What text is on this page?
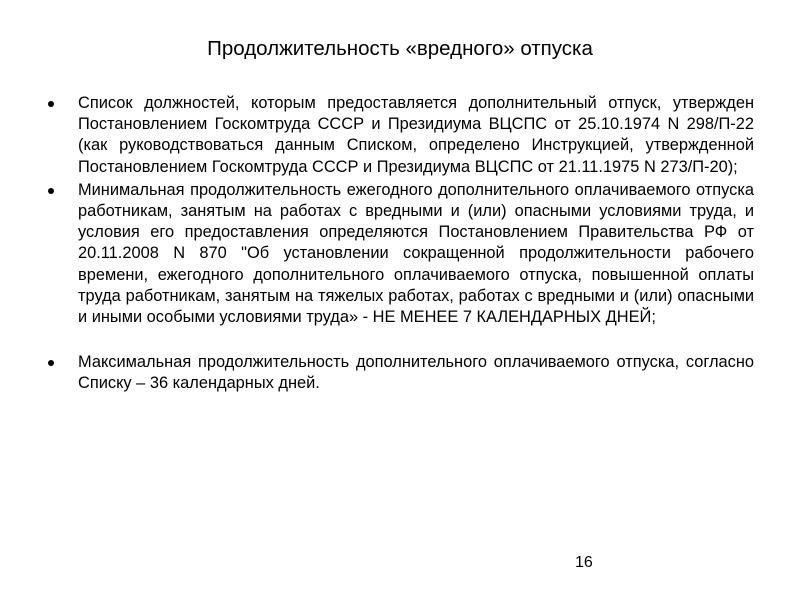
Продолжительность «вредного» отпуска
Список должностей, которым предоставляется дополнительный отпуск, утвержден Постановлением Госкомтруда СССР и Президиума ВЦСПС от 25.10.1974 N 298/П-22 (как руководствоваться данным Списком, определено Инструкцией, утвержденной Постановлением Госкомтруда СССР и Президиума ВЦСПС от 21.11.1975 N 273/П-20);
Минимальная продолжительность ежегодного дополнительного оплачиваемого отпуска работникам, занятым на работах с вредными и (или) опасными условиями труда, и условия его предоставления определяются Постановлением Правительства РФ от 20.11.2008 N 870 "Об установлении сокращенной продолжительности рабочего времени, ежегодного дополнительного оплачиваемого отпуска, повышенной оплаты труда работникам, занятым на тяжелых работах, работах с вредными и (или) опасными и иными особыми условиями труда» - НЕ МЕНЕЕ 7 КАЛЕНДАРНЫХ ДНЕЙ;
Максимальная продолжительность дополнительного оплачиваемого отпуска, согласно Списку – 36 календарных дней.
16
